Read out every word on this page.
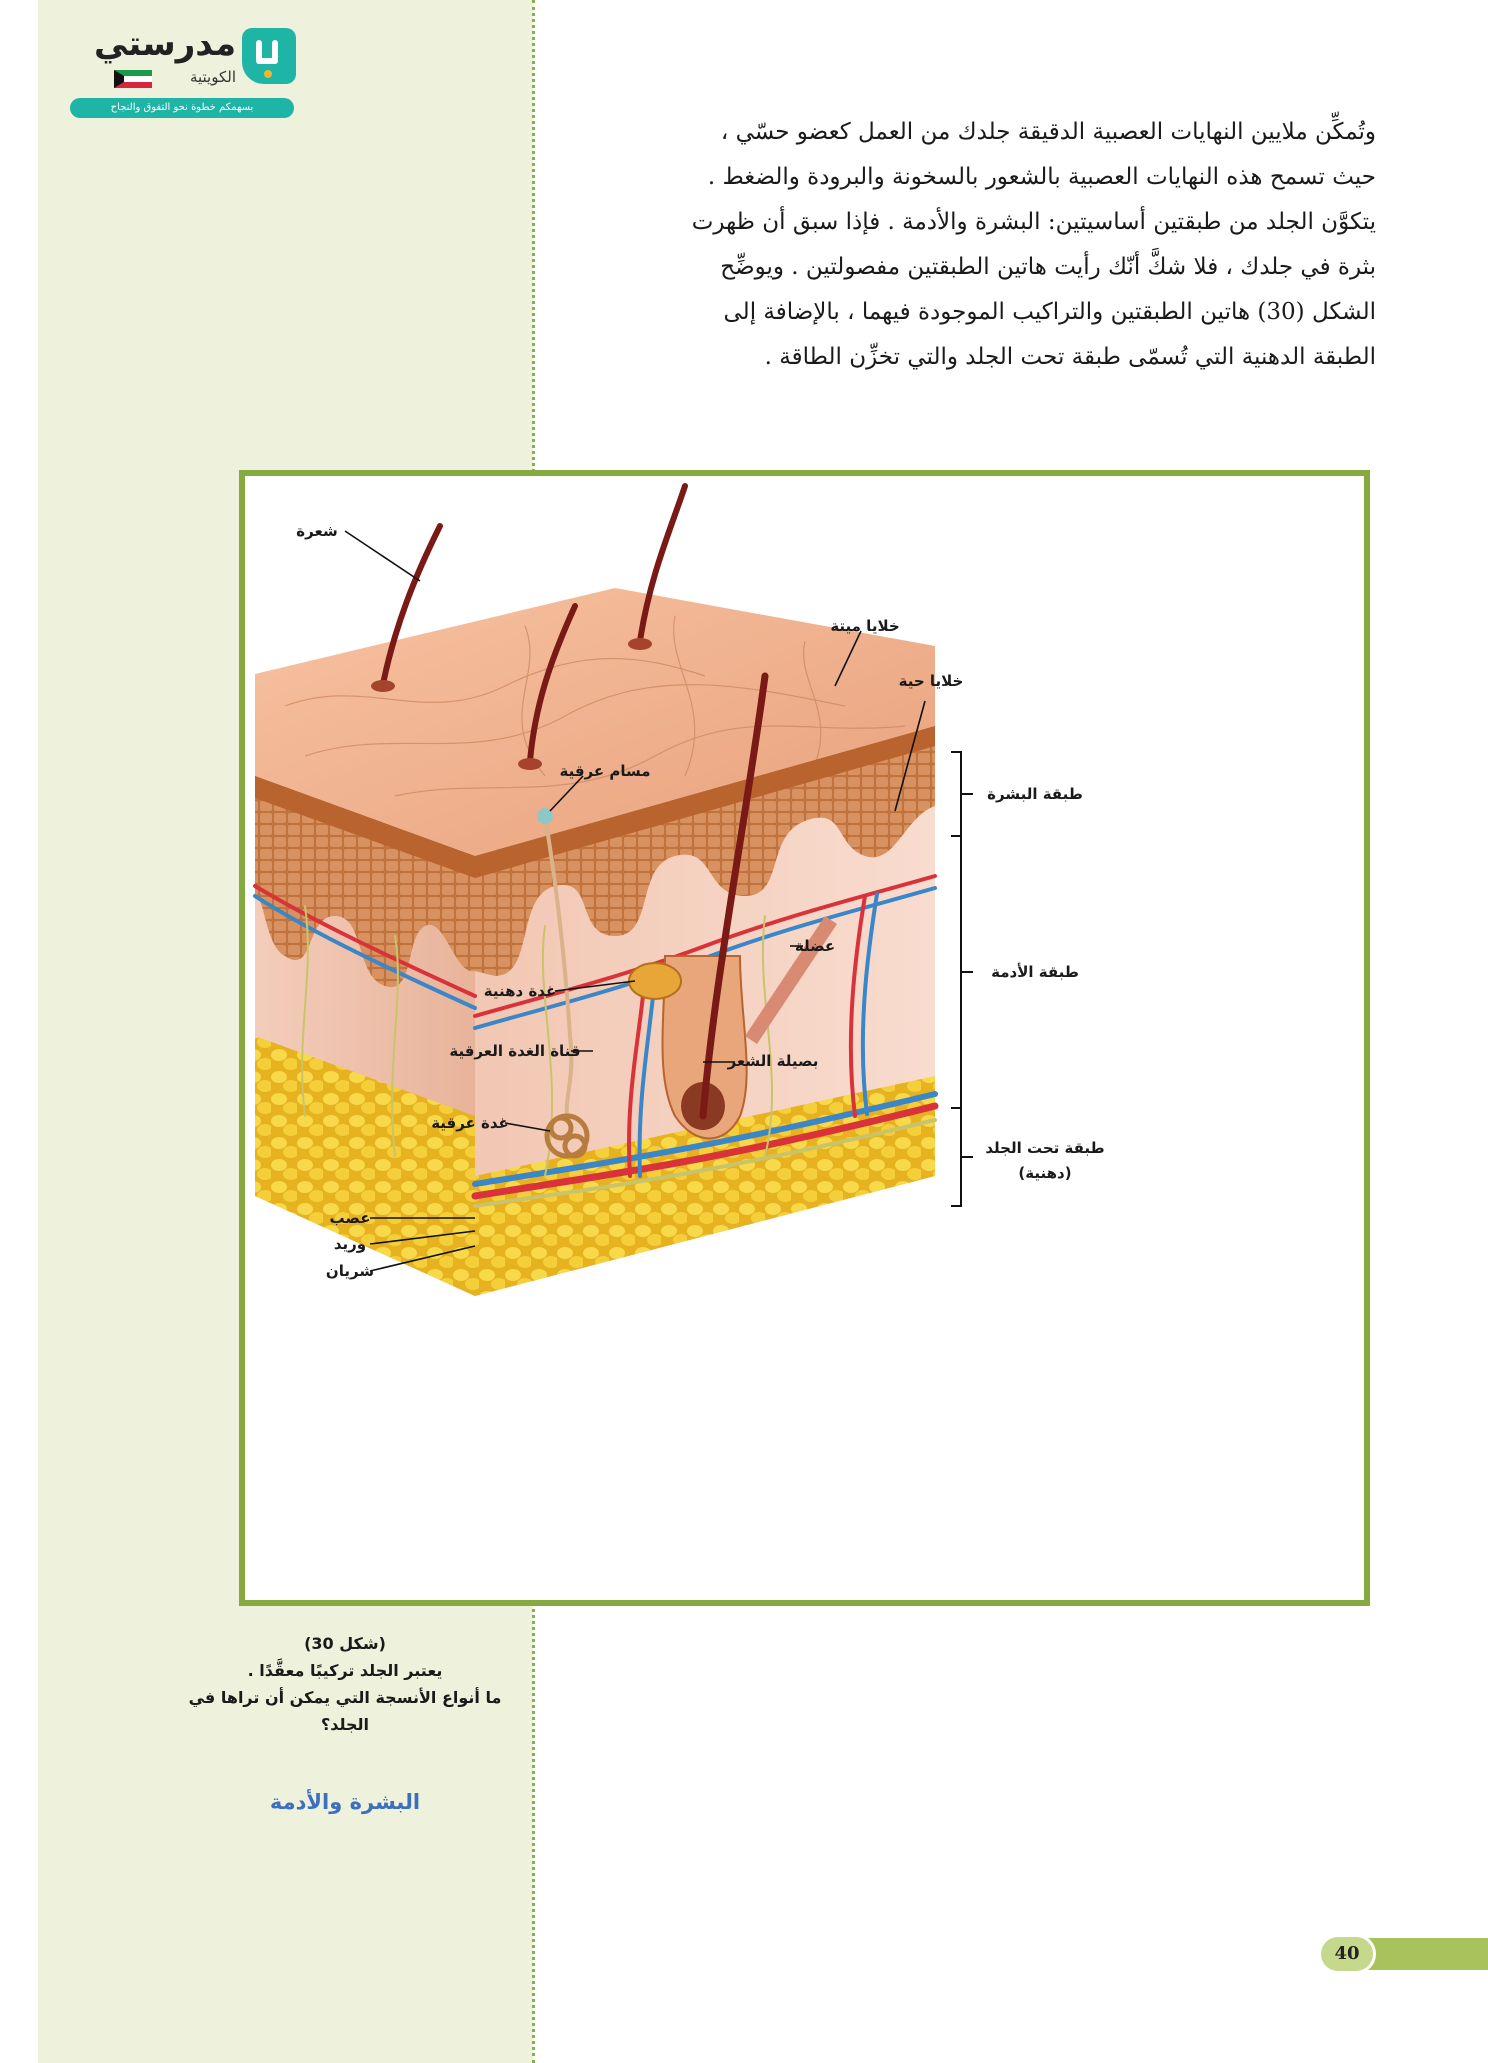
مدرستي
الكويتية
بسهمكم خطوة نحو التفوق والنجاح
وتُمكِّن ملايين النهايات العصبية الدقيقة جلدك من العمل كعضو حسّي ،
حيث تسمح هذه النهايات العصبية بالشعور بالسخونة والبرودة والضغط .
يتكوَّن الجلد من طبقتين أساسيتين: البشرة والأدمة . فإذا سبق أن ظهرت
بثرة في جلدك ، فلا شكَّ أنّك رأيت هاتين الطبقتين مفصولتين . ويوضِّح
الشكل (30) هاتين الطبقتين والتراكيب الموجودة فيهما ، بالإضافة إلى
الطبقة الدهنية التي تُسمّى طبقة تحت الجلد والتي تخزِّن الطاقة .
شعرة
خلايا ميتة
خلايا حية
مسام عرقية
عضلة
غدة دهنية
قناة الغدة العرقية
بصيلة الشعر
غدة عرقية
عصب
وريد
شريان
طبقة البشرة
طبقة الأدمة
طبقة تحت الجلد
(دهنية)
(شكل 30)
يعتبر الجلد تركيبًا معقَّدًا .
ما أنواع الأنسجة التي يمكن أن تراها في
الجلد؟
البشرة والأدمة
40
